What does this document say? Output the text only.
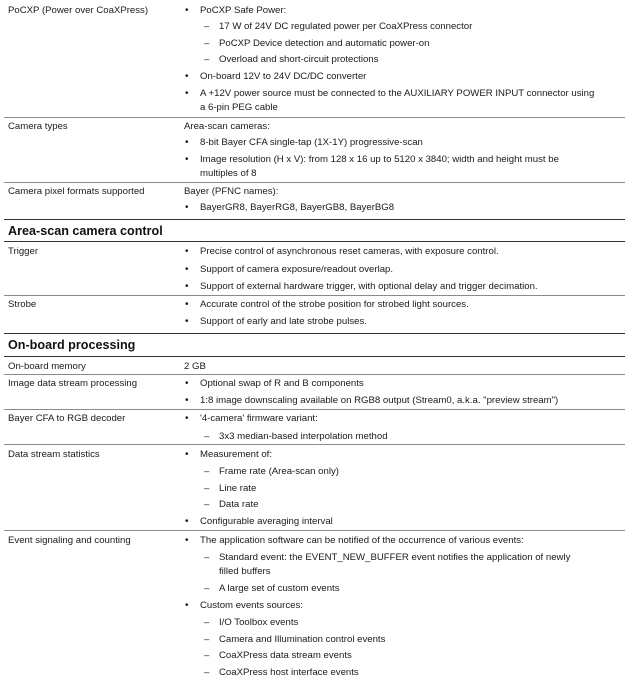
PoCXP (Power over CoaXPress)	PoCXP Safe Power:
17 W of 24V DC regulated power per CoaXPress connector
PoCXP Device detection and automatic power-on
Overload and short-circuit protections
On-board 12V to 24V DC/DC converter
A +12V power source must be connected to the AUXILIARY POWER INPUT connector using
a 6-pin PEG cable
Camera types	Area-scan cameras:
8-bit Bayer CFA single-tap (1X-1Y) progressive-scan
Image resolution (H x V): from 128 x 16 up to 5120 x 3840; width and height must be
multiples of 8
Camera pixel formats supported	Bayer (PFNC names):
BayerGR8, BayerRG8, BayerGB8, BayerBG8
Area-scan camera control
Trigger	Precise control of asynchronous reset cameras, with exposure control.
Support of camera exposure/readout overlap.
Support of external hardware trigger, with optional delay and trigger decimation.
Strobe	Accurate control of the strobe position for strobed light sources.
Support of early and late strobe pulses.
On-board processing
On-board memory	2 GB
Image data stream processing	Optional swap of R and B components
1:8 image downscaling available on RGB8 output (Stream0, a.k.a. "preview stream")
Bayer CFA to RGB decoder	'4-camera' firmware variant:
3x3 median-based interpolation method
Data stream statistics	Measurement of:
Frame rate (Area-scan only)
Line rate
Data rate
Configurable averaging interval
Event signaling and counting	The application software can be notified of the occurrence of various events:
Standard event: the EVENT_NEW_BUFFER event notifies the application of newly
filled buffers
A large set of custom events
Custom events sources:
I/O Toolbox events
Camera and Illumination control events
CoaXPress data stream events
CoaXPress host interface events
